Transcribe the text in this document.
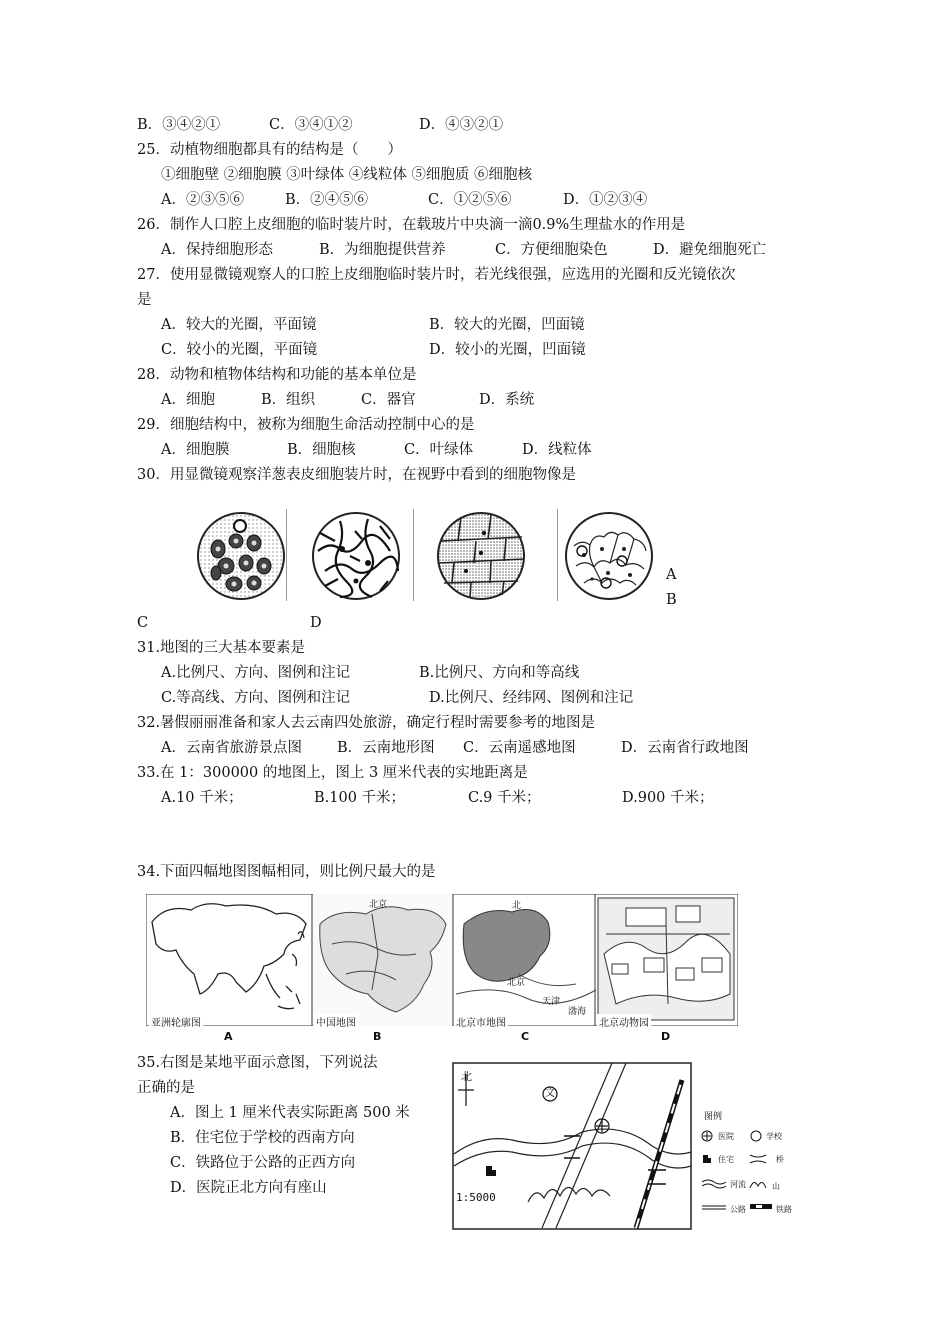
B．③④②①	C．③④①②	D．④③②①
25．动植物细胞都具有的结构是（　　）
①细胞壁 ②细胞膜 ③叶绿体 ④线粒体 ⑤细胞质 ⑥细胞核
A．②③⑤⑥	B．②④⑤⑥	C．①②⑤⑥	D．①②③④
26．制作人口腔上皮细胞的临时装片时，在载玻片中央滴一滴0.9%生理盐水的作用是
A．保持细胞形态	B．为细胞提供营养	C．方便细胞染色	D．避免细胞死亡
27．使用显微镜观察人的口腔上皮细胞临时装片时，若光线很强，应选用的光圈和反光镜依次
是
A．较大的光圈，平面镜	B．较大的光圈，凹面镜
C．较小的光圈，平面镜	D．较小的光圈，凹面镜
28．动物和植物体结构和功能的基本单位是
A．细胞	B．组织	C．器官	D．系统
29．细胞结构中，被称为细胞生命活动控制中心的是
A．细胞膜	B．细胞核	C．叶绿体	D．线粒体
30．用显微镜观察洋葱表皮细胞装片时，在视野中看到的细胞物像是
A
B
C	D
31.地图的三大基本要素是
A.比例尺、方向、图例和注记	B.比例尺、方向和等高线
C.等高线、方向、图例和注记	D.比例尺、经纬网、图例和注记
32.暑假丽丽准备和家人去云南四处旅游，确定行程时需要参考的地图是
A．云南省旅游景点图 B．云南地形图 C．云南遥感地图	D．云南省行政地图
33.在 1：300000 的地图上，图上 3 厘米代表的实地距离是
A.10 千米；	B.100 千米；	C.9 千米；	D.900 千米；
34.下面四幅地图图幅相同，则比例尺最大的是
亚洲轮廓图	中国地图	北京市地图	北京动物园
北京	北
北京
天津
渤海
A	B	C	D
35.右图是某地平面示意图，下列说法
正确的是
A．图上 1 厘米代表实际距离 500 米
B．住宅位于学校的西南方向
C．铁路位于公路的正西方向
D．医院正北方向有座山
北
文
1:5000
图例
医院	学校
住宅	桥
河流	山
公路	铁路
